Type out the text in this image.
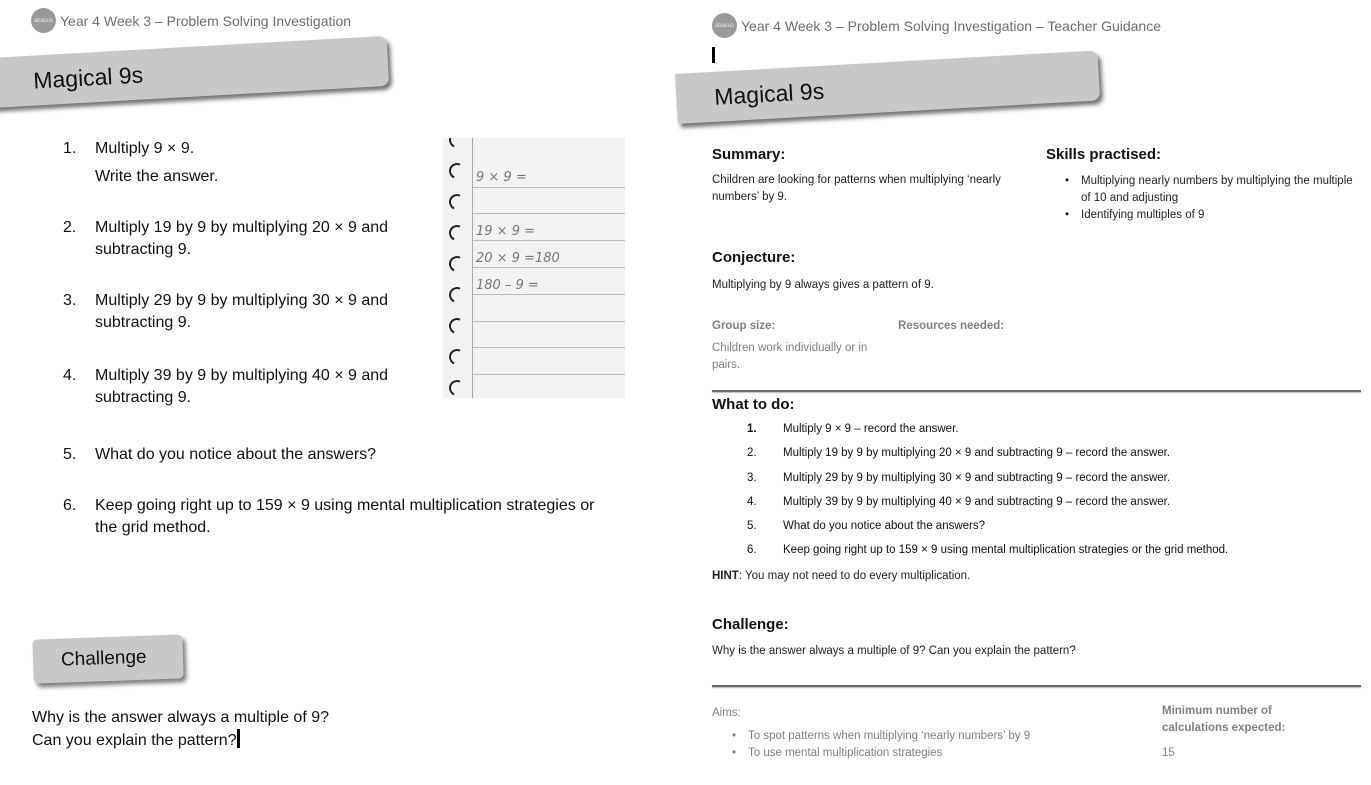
abacus Year 4 Week 3 – Problem Solving Investigation
Magical 9s
1.	Multiply 9 × 9.
Write the answer.
2.	Multiply 19 by 9 by multiplying 20 × 9 and
subtracting 9.
3.	Multiply 29 by 9 by multiplying 30 × 9 and
subtracting 9.
4.	Multiply 39 by 9 by multiplying 40 × 9 and
subtracting 9.
5.	What do you notice about the answers?
6.	Keep going right up to 159 × 9 using mental multiplication strategies or
the grid method.
9 × 9 =
19 × 9 =
20 × 9 =180
180 – 9 =
Challenge
Why is the answer always a multiple of 9?
Can you explain the pattern?
abacus Year 4 Week 3 – Problem Solving Investigation – Teacher Guidance
Magical 9s
Summary:
Children are looking for patterns when multiplying ‘nearly numbers’ by 9.
Skills practised:
• Multiplying nearly numbers by multiplying the multiple of 10 and adjusting
• Identifying multiples of 9
Conjecture:
Multiplying by 9 always gives a pattern of 9.
Group size:
Children work individually or in pairs.
Resources needed:
What to do:
1.	Multiply 9 × 9 – record the answer.
2.	Multiply 19 by 9 by multiplying 20 × 9 and subtracting 9 – record the answer.
3.	Multiply 29 by 9 by multiplying 30 × 9 and subtracting 9 – record the answer.
4.	Multiply 39 by 9 by multiplying 40 × 9 and subtracting 9 – record the answer.
5.	What do you notice about the answers?
6.	Keep going right up to 159 × 9 using mental multiplication strategies or the grid method.
HINT: You may not need to do every multiplication.
Challenge:
Why is the answer always a multiple of 9? Can you explain the pattern?
Aims:
• To spot patterns when multiplying ‘nearly numbers’ by 9
• To use mental multiplication strategies
Minimum number of calculations expected:
15
